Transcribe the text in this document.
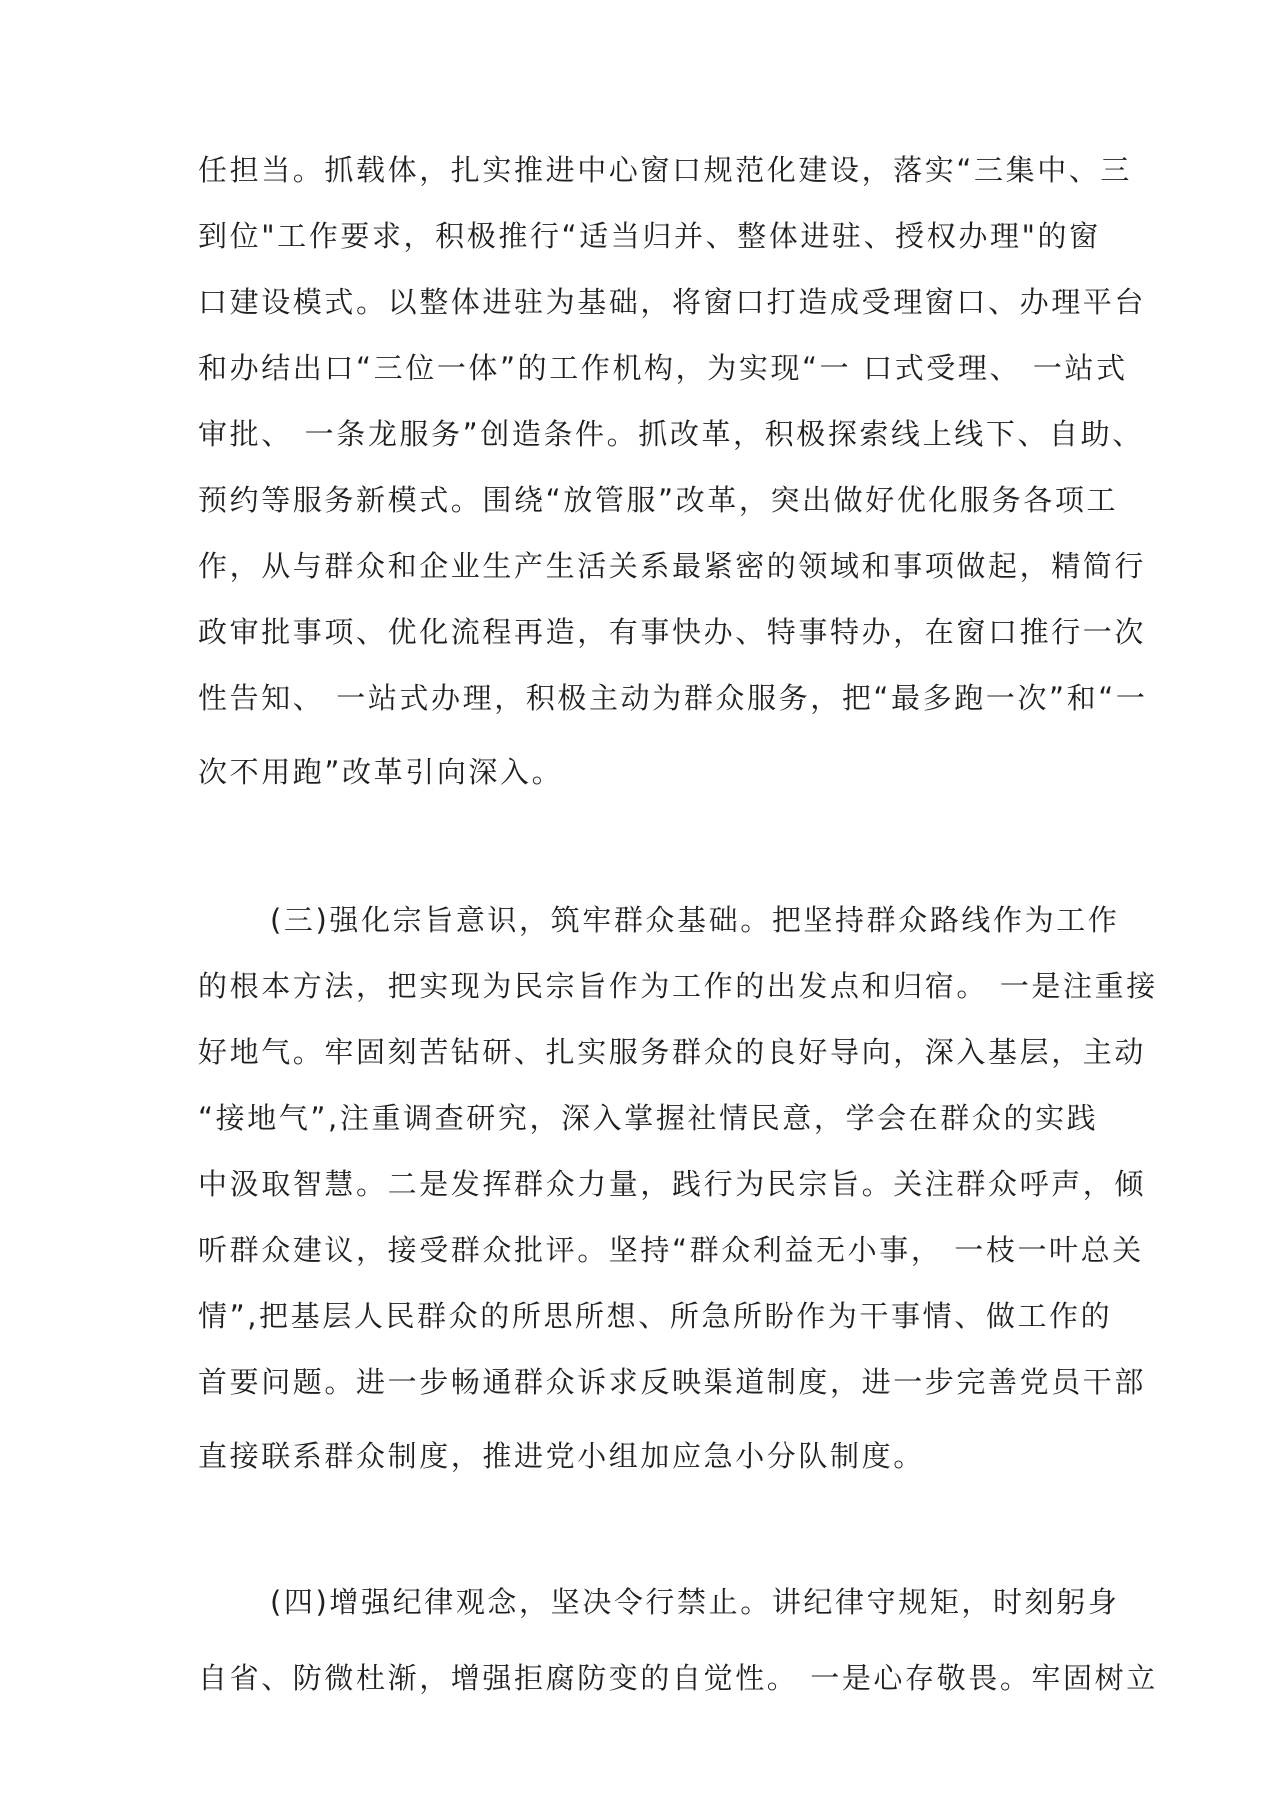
任担当。抓载体，扎实推进中心窗口规范化建设，落实“三集中、三
到位"工作要求，积极推行“适当归并、整体进驻、授权办理"的窗
口建设模式。以整体进驻为基础，将窗口打造成受理窗口、办理平台
和办结出口“三位一体”的工作机构，为实现“一 口式受理、 一站式
审批、 一条龙服务”创造条件。抓改革，积极探索线上线下、自助、
预约等服务新模式。围绕“放管服”改革，突出做好优化服务各项工
作，从与群众和企业生产生活关系最紧密的领域和事项做起，精简行
政审批事项、优化流程再造，有事快办、特事特办，在窗口推行一次
性告知、 一站式办理，积极主动为群众服务，把“最多跑一次”和“一
次不用跑”改革引向深入。
(三)强化宗旨意识，筑牢群众基础。把坚持群众路线作为工作
的根本方法，把实现为民宗旨作为工作的出发点和归宿。 一是注重接
好地气。牢固刻苦钻研、扎实服务群众的良好导向，深入基层，主动
“接地气”,注重调查研究，深入掌握社情民意，学会在群众的实践
中汲取智慧。二是发挥群众力量，践行为民宗旨。关注群众呼声，倾
听群众建议，接受群众批评。坚持“群众利益无小事， 一枝一叶总关
情”,把基层人民群众的所思所想、所急所盼作为干事情、做工作的
首要问题。进一步畅通群众诉求反映渠道制度，进一步完善党员干部
直接联系群众制度，推进党小组加应急小分队制度。
(四)增强纪律观念，坚决令行禁止。讲纪律守规矩，时刻躬身
自省、防微杜渐，增强拒腐防变的自觉性。 一是心存敬畏。牢固树立
